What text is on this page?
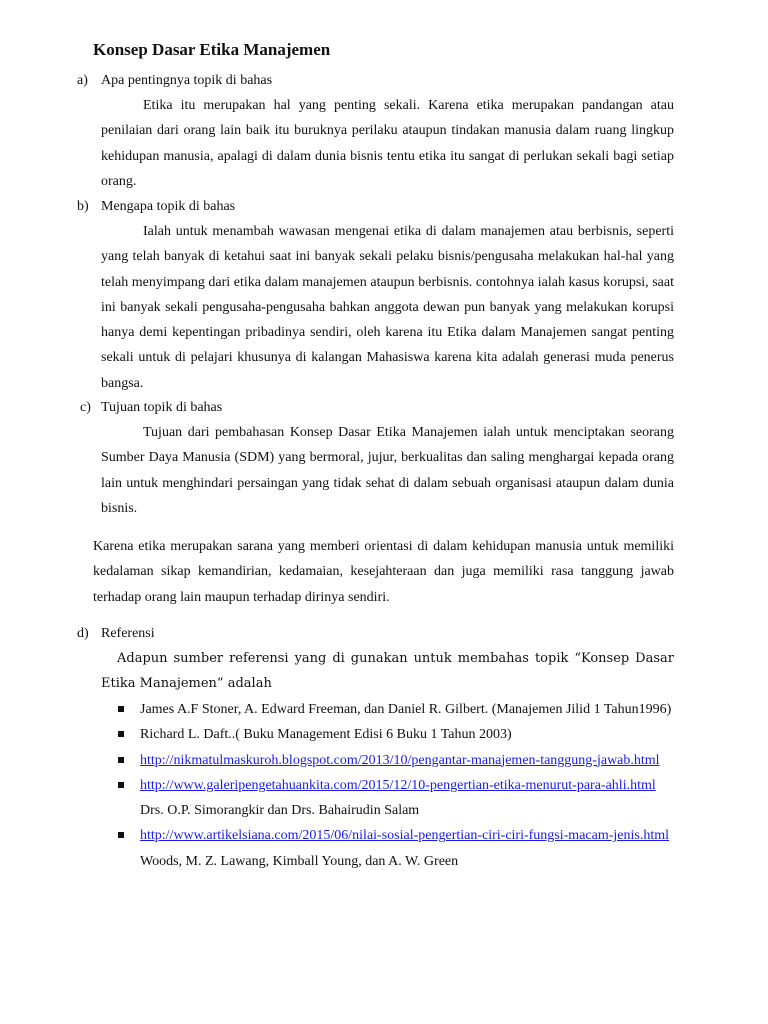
Konsep Dasar Etika Manajemen
a) Apa pentingnya topik di bahas

Etika itu merupakan hal yang penting sekali. Karena etika merupakan pandangan atau penilaian dari orang lain baik itu buruknya perilaku ataupun tindakan manusia dalam ruang lingkup kehidupan manusia, apalagi di dalam dunia bisnis tentu etika itu sangat di perlukan sekali bagi setiap orang.

b) Mengapa topik di bahas

Ialah untuk menambah wawasan mengenai etika di dalam manajemen atau berbisnis, seperti yang telah banyak di ketahui saat ini banyak sekali pelaku bisnis/pengusaha melakukan hal-hal yang telah menyimpang dari etika dalam manajemen ataupun berbisnis. contohnya ialah kasus korupsi, saat ini banyak sekali pengusaha-pengusaha bahkan anggota dewan pun banyak yang melakukan korupsi hanya demi kepentingan pribadinya sendiri, oleh karena itu Etika dalam Manajemen sangat penting sekali untuk di pelajari khusunya di kalangan Mahasiswa karena kita adalah generasi muda penerus bangsa.

c) Tujuan topik di bahas

Tujuan dari pembahasan Konsep Dasar Etika Manajemen ialah untuk menciptakan seorang Sumber Daya Manusia (SDM) yang bermoral, jujur, berkualitas dan saling menghargai kepada orang lain untuk menghindari persaingan yang tidak sehat di dalam sebuah organisasi ataupun dalam dunia bisnis.

Karena etika merupakan sarana yang memberi orientasi di dalam kehidupan manusia untuk memiliki kedalaman sikap kemandirian, kedamaian, kesejahteraan dan juga memiliki rasa tanggung jawab terhadap orang lain maupun terhadap dirinya sendiri.

d) Referensi

Adapun sumber referensi yang di gunakan untuk membahas topik “Konsep Dasar Etika Manajemen” adalah

James A.F Stoner, A. Edward Freeman, dan Daniel R. Gilbert. (Manajemen Jilid 1 Tahun1996)
Richard L. Daft..( Buku Management Edisi 6 Buku 1 Tahun 2003)
http://nikmatulmaskuroh.blogspot.com/2013/10/pengantar-manajemen-tanggung-jawab.html
http://www.galeripengetahuankita.com/2015/12/10-pengertian-etika-menurut-para-ahli.html Drs. O.P. Simorangkir dan Drs. Bahairudin Salam
http://www.artikelsiana.com/2015/06/nilai-sosial-pengertian-ciri-ciri-fungsi-macam-jenis.html Woods, M. Z. Lawang, Kimball Young, dan A. W. Green
